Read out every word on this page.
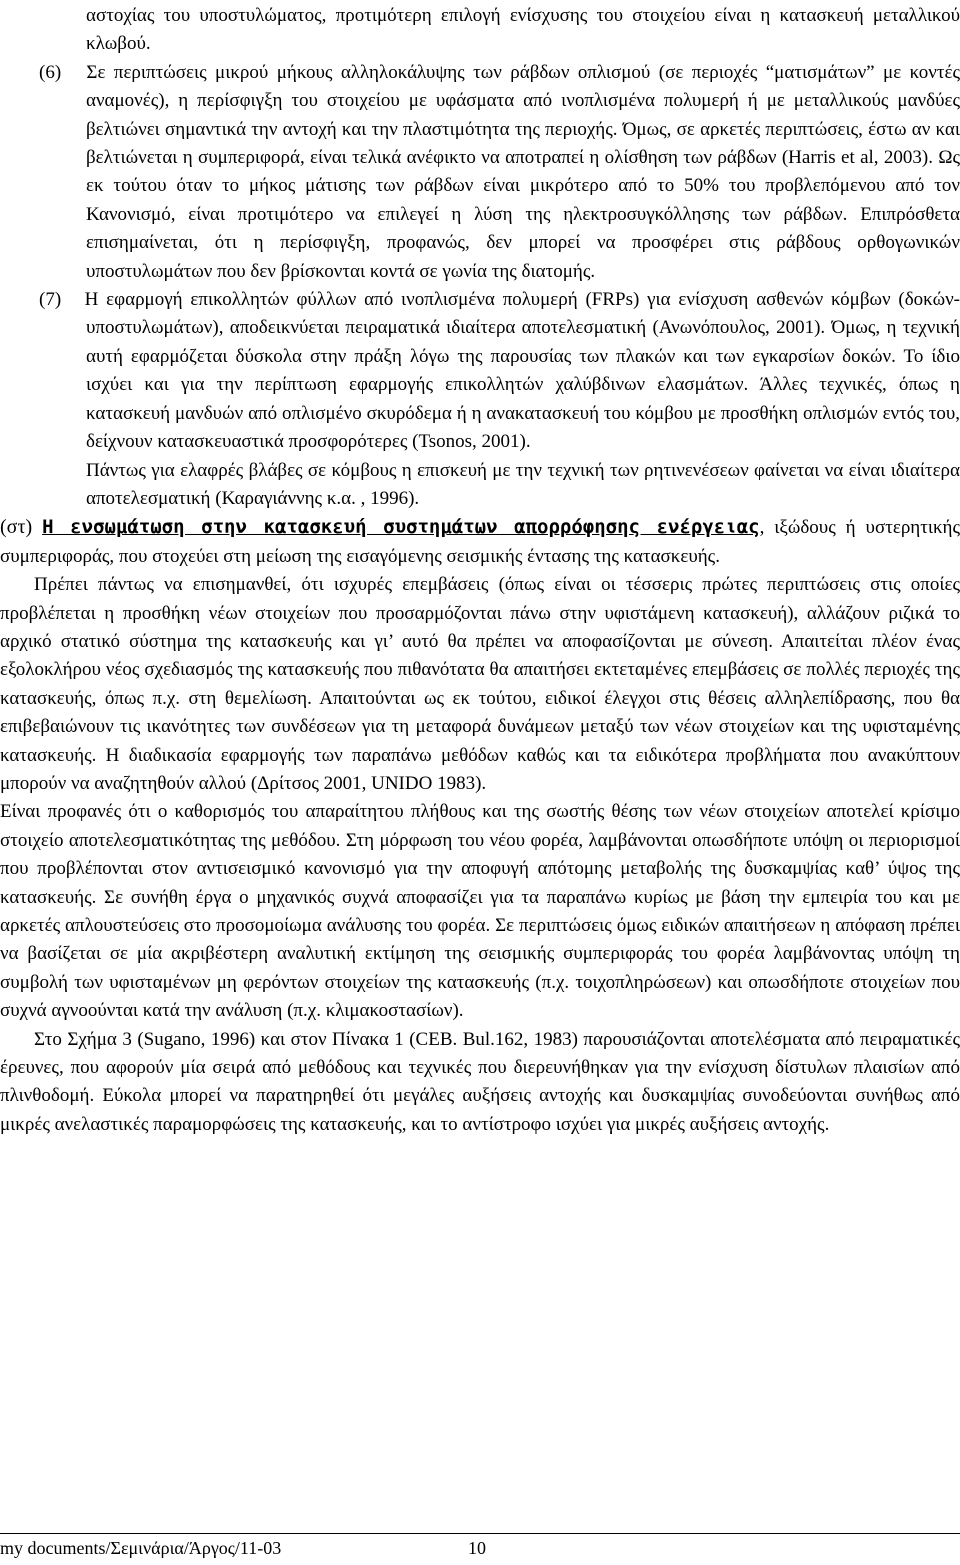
αστοχίας του υποστυλώματος, προτιμότερη επιλογή ενίσχυσης του στοιχείου είναι η κατασκευή μεταλλικού κλωβού.

(6) Σε περιπτώσεις μικρού μήκους αλληλοκάλυψης των ράβδων οπλισμού (σε περιοχές “ματισμάτων” με κοντές αναμονές), η περίσφιγξη του στοιχείου με υφάσματα από ινοπλισμένα πολυμερή ή με μεταλλικούς μανδύες βελτιώνει σημαντικά την αντοχή και την πλαστιμότητα της περιοχής. Όμως, σε αρκετές περιπτώσεις, έστω αν και βελτιώνεται η συμπεριφορά, είναι τελικά ανέφικτο να αποτραπεί η ολίσθηση των ράβδων (Harris et al, 2003). Ως εκ τούτου όταν το μήκος μάτισης των ράβδων είναι μικρότερο από το 50% του προβλεπόμενου από τον Κανονισμό, είναι προτιμότερο να επιλεγεί η λύση της ηλεκτροσυγκόλλησης των ράβδων. Επιπρόσθετα επισημαίνεται, ότι η περίσφιγξη, προφανώς, δεν μπορεί να προσφέρει στις ράβδους ορθογωνικών υποστυλωμάτων που δεν βρίσκονται κοντά σε γωνία της διατομής.

(7) Η εφαρμογή επικολλητών φύλλων από ινοπλισμένα πολυμερή (FRPs) για ενίσχυση ασθενών κόμβων (δοκών-υποστυλωμάτων), αποδεικνύεται πειραματικά ιδιαίτερα αποτελεσματική (Ανωνόπουλος, 2001). Όμως, η τεχνική αυτή εφαρμόζεται δύσκολα στην πράξη λόγω της παρουσίας των πλακών και των εγκαρσίων δοκών. Το ίδιο ισχύει και για την περίπτωση εφαρμογής επικολλητών χαλύβδινων ελασμάτων. Άλλες τεχνικές, όπως η κατασκευή μανδυών από οπλισμένο σκυρόδεμα ή η ανακατασκευή του κόμβου με προσθήκη οπλισμών εντός του, δείχνουν κατασκευαστικά προσφορότερες (Tsonos, 2001).

Πάντως για ελαφρές βλάβες σε κόμβους η επισκευή με την τεχνική των ρητινενέσεων φαίνεται να είναι ιδιαίτερα αποτελεσματική (Καραγιάννης κ.α. , 1996).

(στ) Η ενσωμάτωση στην κατασκευή συστημάτων απορρόφησης ενέργειας, ιξώδους ή υστερητικής συμπεριφοράς, που στοχεύει στη μείωση της εισαγόμενης σεισμικής έντασης της κατασκευής.

Πρέπει πάντως να επισημανθεί, ότι ισχυρές επεμβάσεις (όπως είναι οι τέσσερις πρώτες περιπτώσεις στις οποίες προβλέπεται η προσθήκη νέων στοιχείων που προσαρμόζονται πάνω στην υφιστάμενη κατασκευή), αλλάζουν ριζικά το αρχικό στατικό σύστημα της κατασκευής και γι’ αυτό θα πρέπει να αποφασίζονται με σύνεση. Απαιτείται πλέον ένας εξολοκλήρου νέος σχεδιασμός της κατασκευής που πιθανότατα θα απαιτήσει εκτεταμένες επεμβάσεις σε πολλές περιοχές της κατασκευής, όπως π.χ. στη θεμελίωση. Απαιτούνται ως εκ τούτου, ειδικοί έλεγχοι στις θέσεις αλληλεπίδρασης, που θα επιβεβαιώνουν τις ικανότητες των συνδέσεων για τη μεταφορά δυνάμεων μεταξύ των νέων στοιχείων και της υφισταμένης κατασκευής. Η διαδικασία εφαρμογής των παραπάνω μεθόδων καθώς και τα ειδικότερα προβλήματα που ανακύπτουν μπορούν να αναζητηθούν αλλού (Δρίτσος 2001, UNIDO 1983).

Είναι προφανές ότι ο καθορισμός του απαραίτητου πλήθους και της σωστής θέσης των νέων στοιχείων αποτελεί κρίσιμο στοιχείο αποτελεσματικότητας της μεθόδου. Στη μόρφωση του νέου φορέα, λαμβάνονται οπωσδήποτε υπόψη οι περιορισμοί που προβλέπονται στον αντισεισμικό κανονισμό για την αποφυγή απότομης μεταβολής της δυσκαμψίας καθ’ ύψος της κατασκευής. Σε συνήθη έργα ο μηχανικός συχνά αποφασίζει για τα παραπάνω κυρίως με βάση την εμπειρία του και με αρκετές απλουστεύσεις στο προσομοίωμα ανάλυσης του φορέα. Σε περιπτώσεις όμως ειδικών απαιτήσεων η απόφαση πρέπει να βασίζεται σε μία ακριβέστερη αναλυτική εκτίμηση της σεισμικής συμπεριφοράς του φορέα λαμβάνοντας υπόψη τη συμβολή των υφισταμένων μη φερόντων στοιχείων της κατασκευής (π.χ. τοιχοπληρώσεων) και οπωσδήποτε στοιχείων που συχνά αγνοούνται κατά την ανάλυση (π.χ. κλιμακοστασίων).

Στο Σχήμα 3 (Sugano, 1996) και στον Πίνακα 1 (CEB. Bul.162, 1983) παρουσιάζονται αποτελέσματα από πειραματικές έρευνες, που αφορούν μία σειρά από μεθόδους και τεχνικές που διερευνήθηκαν για την ενίσχυση δίστυλων πλαισίων από πλινθοδομή. Εύκολα μπορεί να παρατηρηθεί ότι μεγάλες αυξήσεις αντοχής και δυσκαμψίας συνοδεύονται συνήθως από μικρές ανελαστικές παραμορφώσεις της κατασκευής, και το αντίστροφο ισχύει για μικρές αυξήσεις αντοχής.

my documents/Σεμινάρια/Άργος/11-03	10
